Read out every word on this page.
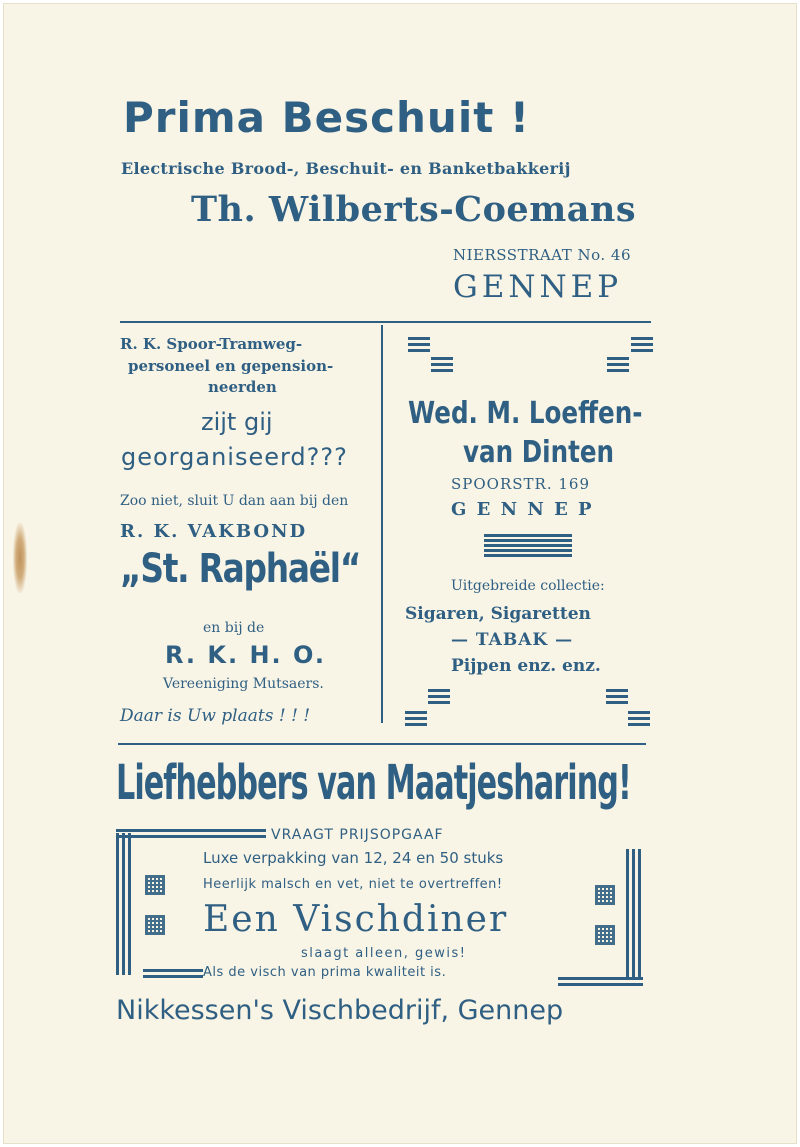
Prima Beschuit !
Electrische Brood-, Beschuit- en Banketbakkerij
Th. Wilberts-Coemans
NIERSSTRAAT No. 46
GENNEP
R. K. Spoor-Tramweg-
personeel en gepension-
neerden
zijt gij
georganiseerd???
Zoo niet, sluit U dan aan bij den
R. K. VAKBOND
„St. Raphaël“
en bij de
R. K. H. O.
Vereeniging Mutsaers.
Daar is Uw plaats ! ! !
Wed. M. Loeffen-
van Dinten
SPOORSTR. 169
G E N N E P
Uitgebreide collectie:
Sigaren, Sigaretten
— TABAK —
Pijpen enz. enz.
Liefhebbers van Maatjesharing!
VRAAGT PRIJSOPGAAF
Luxe verpakking van 12, 24 en 50 stuks
Heerlijk malsch en vet, niet te overtreffen!
Een Vischdiner
slaagt alleen, gewis!
Als de visch van prima kwaliteit is.
Nikkessen's Vischbedrijf, Gennep
